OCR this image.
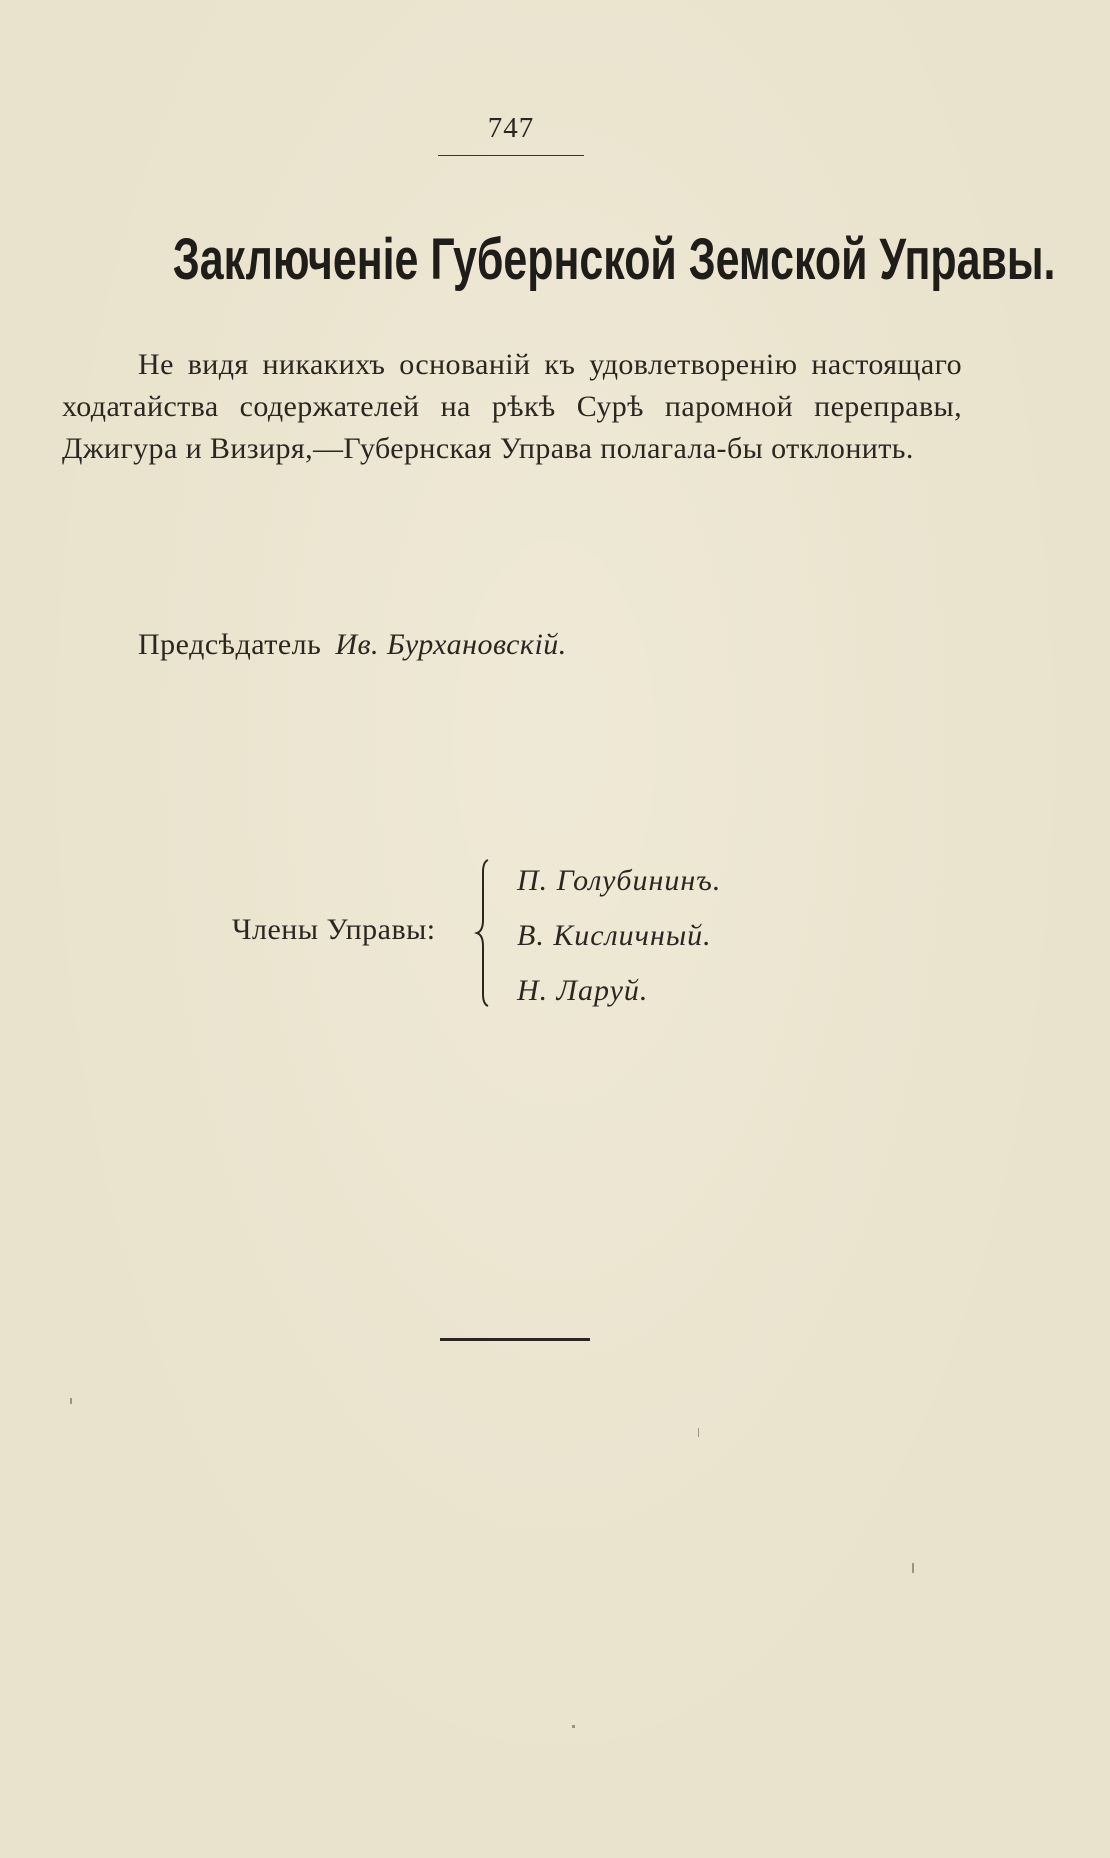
747
Заключеніе Губернской Земской Управы.
Не видя никакихъ основаній къ удовлетворенію настоящаго ходатайства содержателей на рѣкѣ Сурѣ паромной переправы, Джигура и Визиря,—Губернская Управа полагала-бы отклонить.
Предсѣдатель Ив. Бурхановскій.
Члены Управы:
П. Голубининъ.
В. Кисличный.
Н. Ларуй.
